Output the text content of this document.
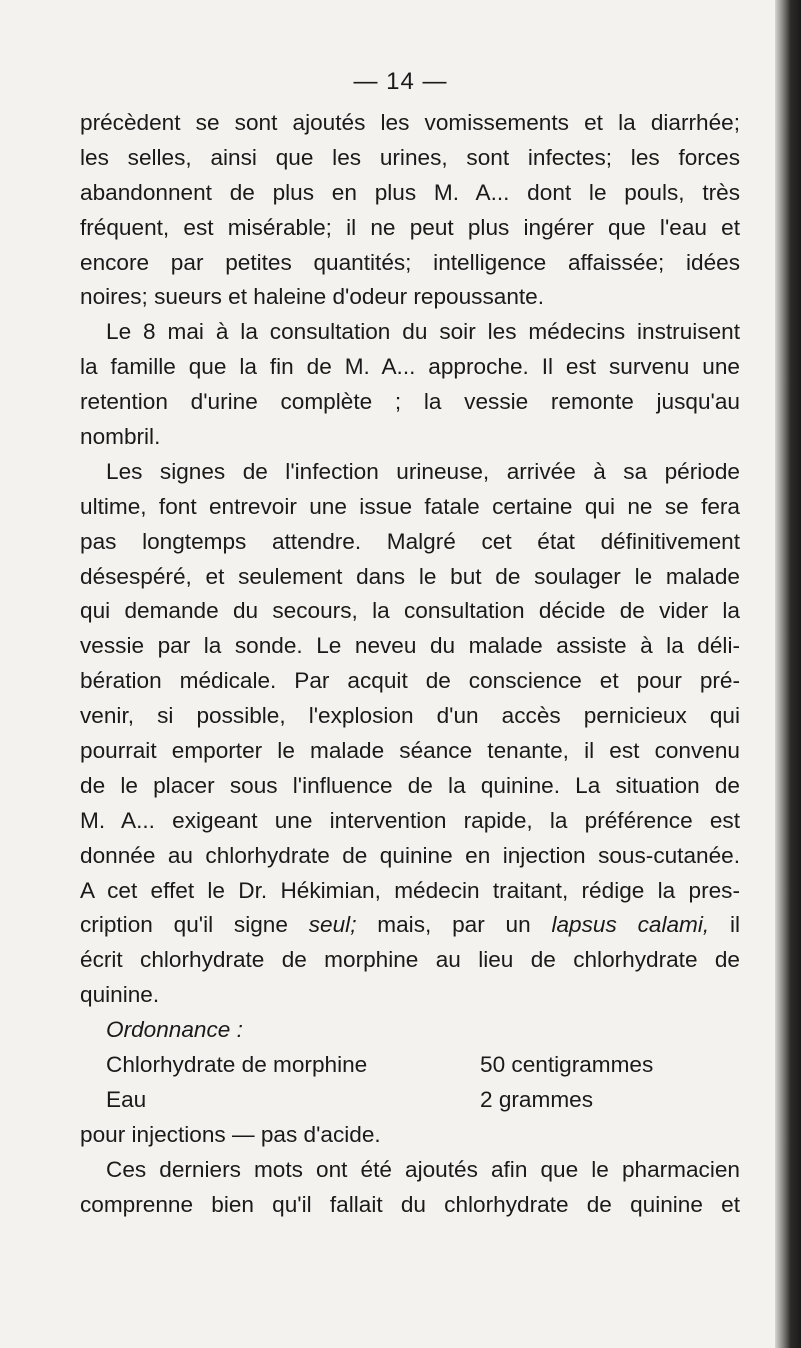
— 14 —
précèdent se sont ajoutés les vomissements et la diarrhée;
les selles, ainsi que les urines, sont infectes; les forces
abandonnent de plus en plus M. A... dont le pouls, très
fréquent, est misérable; il ne peut plus ingérer que l'eau et
encore par petites quantités; intelligence affaissée; idées
noires; sueurs et haleine d'odeur repoussante.
Le 8 mai à la consultation du soir les médecins instruisent
la famille que la fin de M. A... approche. Il est survenu une
retention d'urine complète ; la vessie remonte jusqu'au
nombril.
Les signes de l'infection urineuse, arrivée à sa période
ultime, font entrevoir une issue fatale certaine qui ne se fera
pas longtemps attendre. Malgré cet état définitivement
désespéré, et seulement dans le but de soulager le malade
qui demande du secours, la consultation décide de vider la
vessie par la sonde. Le neveu du malade assiste à la déli-
bération médicale. Par acquit de conscience et pour pré-
venir, si possible, l'explosion d'un accès pernicieux qui
pourrait emporter le malade séance tenante, il est convenu
de le placer sous l'influence de la quinine. La situation de
M. A... exigeant une intervention rapide, la préférence est
donnée au chlorhydrate de quinine en injection sous-cutanée.
A cet effet le Dr. Hékimian, médecin traitant, rédige la pres-
cription qu'il signe seul; mais, par un lapsus calami, il
écrit chlorhydrate de morphine au lieu de chlorhydrate de
quinine.
Ordonnance :
Chlorhydrate de morphine	50 centigrammes
Eau	2 grammes
pour injections — pas d'acide.
Ces derniers mots ont été ajoutés afin que le pharmacien
comprenne bien qu'il fallait du chlorhydrate de quinine et
